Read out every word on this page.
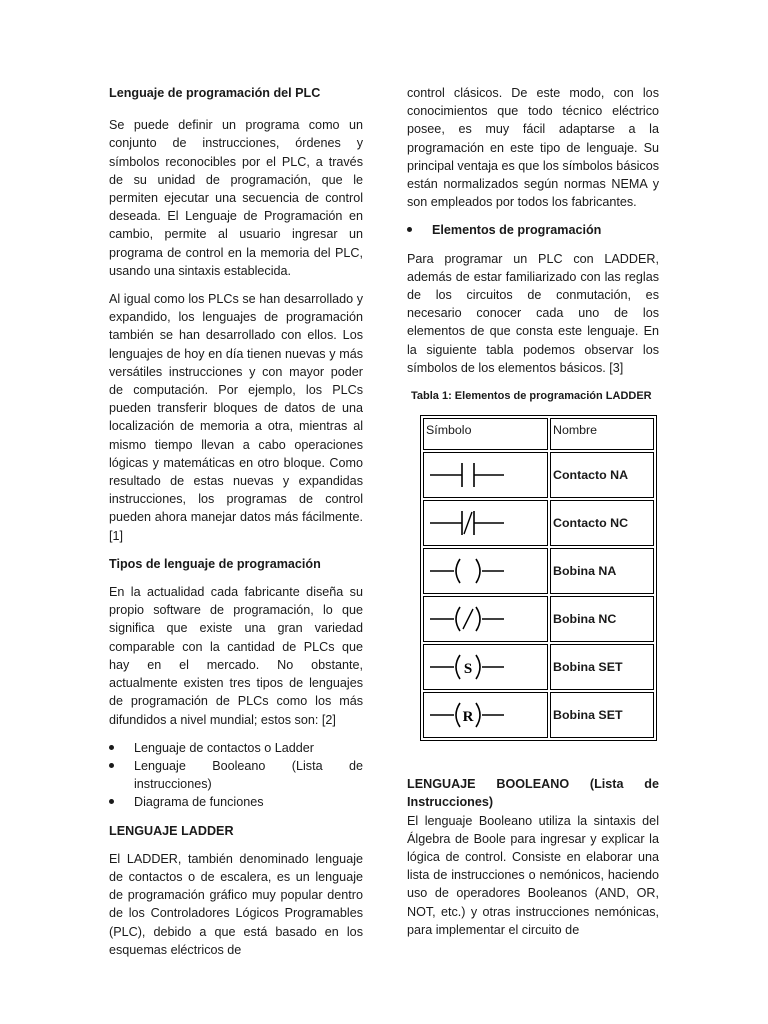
Lenguaje de programación del PLC

Se puede definir un programa como un conjunto de instrucciones, órdenes y símbolos reconocibles por el PLC, a través de su unidad de programación, que le permiten ejecutar una secuencia de control deseada. El Lenguaje de Programación en cambio, permite al usuario ingresar un programa de control en la memoria del PLC, usando una sintaxis establecida.

Al igual como los PLCs se han desarrollado y expandido, los lenguajes de programación también se han desarrollado con ellos. Los lenguajes de hoy en día tienen nuevas y más versátiles instrucciones y con mayor poder de computación. Por ejemplo, los PLCs pueden transferir bloques de datos de una localización de memoria a otra, mientras al mismo tiempo llevan a cabo operaciones lógicas y matemáticas en otro bloque. Como resultado de estas nuevas y expandidas instrucciones, los programas de control pueden ahora manejar datos más fácilmente. [1]

Tipos de lenguaje de programación

En la actualidad cada fabricante diseña su propio software de programación, lo que significa que existe una gran variedad comparable con la cantidad de PLCs que hay en el mercado. No obstante, actualmente existen tres tipos de lenguajes de programación de PLCs como los más difundidos a nivel mundial; estos son: [2]

Lenguaje de contactos o Ladder
Lenguaje Booleano (Lista de instrucciones)
Diagrama de funciones
LENGUAJE LADDER

El LADDER, también denominado lenguaje de contactos o de escalera, es un lenguaje de programación gráfico muy popular dentro de los Controladores Lógicos Programables (PLC), debido a que está basado en los esquemas eléctricos de

control clásicos. De este modo, con los conocimientos que todo técnico eléctrico posee, es muy fácil adaptarse a la programación en este tipo de lenguaje. Su principal ventaja es que los símbolos básicos están normalizados según normas NEMA y son empleados por todos los fabricantes.

Elementos de programación

Para programar un PLC con LADDER, además de estar familiarizado con las reglas de los circuitos de conmutación, es necesario conocer cada uno de los elementos de que consta este lenguaje. En la siguiente tabla podemos observar los símbolos de los elementos básicos. [3]

Tabla 1: Elementos de programación LADDER
Símbolo	Nombre

	Contacto NA

	Contacto NC

	Bobina NA

	Bobina NC

S	Bobina SET

R	Bobina SET
LENGUAJE BOOLEANO (Lista de
Instrucciones)

El lenguaje Booleano utiliza la sintaxis del Álgebra de Boole para ingresar y explicar la lógica de control. Consiste en elaborar una lista de instrucciones o nemónicos, haciendo uso de operadores Booleanos (AND, OR, NOT, etc.) y otras instrucciones nemónicas, para implementar el circuito de
